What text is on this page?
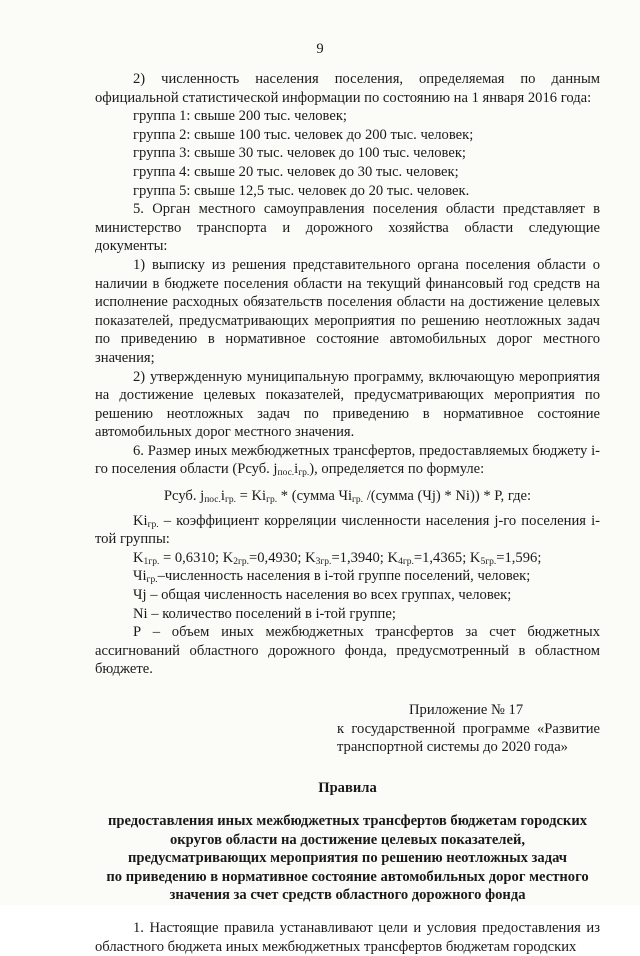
9

2) численность населения поселения, определяемая по данным официальной статистической информации по состоянию на 1 января 2016 года:

группа 1: свыше 200 тыс. человек;

группа 2: свыше 100 тыс. человек до 200 тыс. человек;

группа 3: свыше 30 тыс. человек до 100 тыс. человек;

группа 4: свыше 20 тыс. человек до 30 тыс. человек;

группа 5: свыше 12,5 тыс. человек до 20 тыс. человек.

5. Орган местного самоуправления поселения области представляет в министерство транспорта и дорожного хозяйства области следующие документы:

1) выписку из решения представительного органа поселения области о наличии в бюджете поселения области на текущий финансовый год средств на исполнение расходных обязательств поселения области на достижение целевых показателей, предусматривающих мероприятия по решению неотложных задач по приведению в нормативное состояние автомобильных дорог местного значения;

2) утвержденную муниципальную программу, включающую мероприятия на достижение целевых показателей, предусматривающих мероприятия по решению неотложных задач по приведению в нормативное состояние автомобильных дорог местного значения.

6. Размер иных межбюджетных трансфертов, предоставляемых бюджету i-го поселения области (Рсуб. $j_{пос.}i_{гр.}$), определяется по формуле:

Рсуб. $j_{пос.}i_{гр.} = Ki_{гр.}$ * (сумма $Чi_{гр.}$ /(сумма (Чj) * Ni)) * Р, где:

$Ki_{гр.}$ – коэффициент корреляции численности населения j-го поселения i-той группы:

$K_{1гр.} = 0,6310$; $K_{2гр.}=0,4930$; $K_{3гр.}=1,3940$; $K_{4гр.}=1,4365$; $K_{5гр.}=1,596$;

$Чi_{гр.}$–численность населения в i-той группе поселений, человек;

Чj – общая численность населения во всех группах, человек;

Ni – количество поселений в i-той группе;

Р – объем иных межбюджетных трансфертов за счет бюджетных ассигнований областного дорожного фонда, предусмотренный в областном бюджете.

Приложение № 17

к государственной программе «Развитие транспортной системы до 2020 года»

Правила

предоставления иных межбюджетных трансфертов бюджетам городских

округов области на достижение целевых показателей,

предусматривающих мероприятия по решению неотложных задач

по приведению в нормативное состояние автомобильных дорог местного

значения за счет средств областного дорожного фонда

1. Настоящие правила устанавливают цели и условия предоставления из областного бюджета иных межбюджетных трансфертов бюджетам городских
